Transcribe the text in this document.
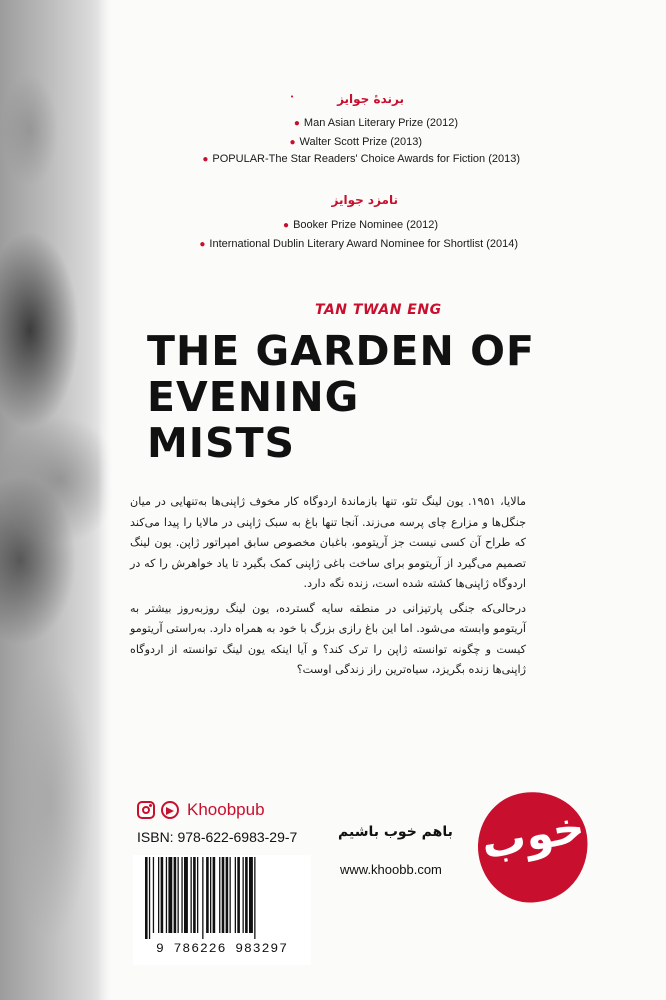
برندهٔ جوایز
•
● Man Asian Literary Prize (2012)
● Walter Scott Prize (2013)
● POPULAR-The Star Readers' Choice Awards for Fiction (2013)
نامزد جوایز
● Booker Prize Nominee (2012)
● International Dublin Literary Award Nominee for Shortlist (2014)
TAN TWAN ENG
THE GARDEN OF
EVENING
MISTS

مالایا، ۱۹۵۱. یون لینگ تئو، تنها بازماندهٔ اردوگاه کار مخوف ژاپنی‌ها به‌تنهایی در میان جنگل‌ها و مزارع چای پرسه می‌زند. آنجا تنها باغ به سبک ژاپنی در مالایا را پیدا می‌کند که طراح آن کسی نیست جز آریتومو، باغبان مخصوص سابق امپراتور ژاپن. یون لینگ تصمیم می‌گیرد از آریتومو برای ساخت باغی ژاپنی کمک بگیرد تا یاد خواهرش را که در اردوگاه ژاپنی‌ها کشته شده است، زنده نگه دارد.

درحالی‌که جنگی پارتیزانی در منطقه سایه گسترده، یون لینگ روزبه‌روز بیشتر به آریتومو وابسته می‌شود. اما این باغ رازی بزرگ با خود به همراه دارد. به‌راستی آریتومو کیست و چگونه توانسته ژاپن را ترک کند؟ و آیا اینکه یون لینگ توانسته از اردوگاه ژاپنی‌ها زنده بگریزد، سیاه‌ترین راز زندگی اوست؟

Khoobpub
ISBN: 978-622-6983-29-7
9 786226 983297
خوب
باهم خوب باشیم
www.khoobb.com
